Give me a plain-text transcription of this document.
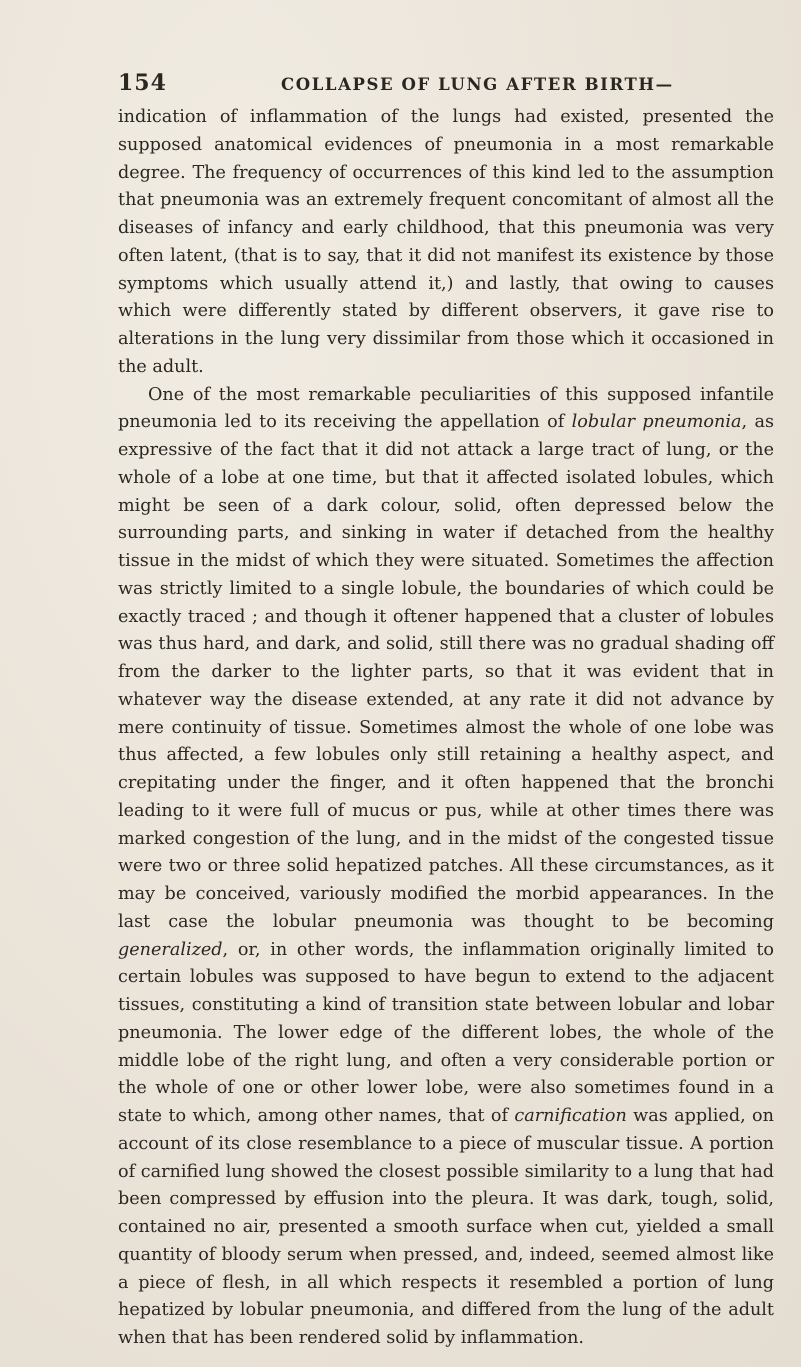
154	COLLAPSE OF LUNG AFTER BIRTH—

indication of inflammation of the lungs had existed, presented the supposed anatomical evidences of pneumonia in a most remarkable degree. The frequency of occurrences of this kind led to the assumption that pneumonia was an extremely frequent concomitant of almost all the diseases of infancy and early childhood, that this pneumonia was very often latent, (that is to say, that it did not manifest its existence by those symptoms which usually attend it,) and lastly, that owing to causes which were differently stated by different observers, it gave rise to alterations in the lung very dissimilar from those which it occasioned in the adult.

One of the most remarkable peculiarities of this supposed infantile pneumonia led to its receiving the appellation of lobular pneumonia, as expressive of the fact that it did not attack a large tract of lung, or the whole of a lobe at one time, but that it affected isolated lobules, which might be seen of a dark colour, solid, often depressed below the surrounding parts, and sinking in water if detached from the healthy tissue in the midst of which they were situated. Sometimes the affection was strictly limited to a single lobule, the boundaries of which could be exactly traced ; and though it oftener happened that a cluster of lobules was thus hard, and dark, and solid, still there was no gradual shading off from the darker to the lighter parts, so that it was evident that in whatever way the disease extended, at any rate it did not advance by mere continuity of tissue. Sometimes almost the whole of one lobe was thus affected, a few lobules only still retaining a healthy aspect, and crepitating under the finger, and it often happened that the bronchi leading to it were full of mucus or pus, while at other times there was marked congestion of the lung, and in the midst of the congested tissue were two or three solid hepatized patches. All these circumstances, as it may be conceived, variously modified the morbid appearances. In the last case the lobular pneumonia was thought to be becoming generalized, or, in other words, the inflammation originally limited to certain lobules was supposed to have begun to extend to the adjacent tissues, constituting a kind of transition state between lobular and lobar pneumonia. The lower edge of the different lobes, the whole of the middle lobe of the right lung, and often a very considerable portion or the whole of one or other lower lobe, were also sometimes found in a state to which, among other names, that of carnification was applied, on account of its close resemblance to a piece of muscular tissue. A portion of carnified lung showed the closest possible similarity to a lung that had been compressed by effusion into the pleura. It was dark, tough, solid, contained no air, presented a smooth surface when cut, yielded a small quantity of bloody serum when pressed, and, indeed, seemed almost like a piece of flesh, in all which respects it resembled a portion of lung hepatized by lobular pneumonia, and differed from the lung of the adult when that has been rendered solid by inflammation.
